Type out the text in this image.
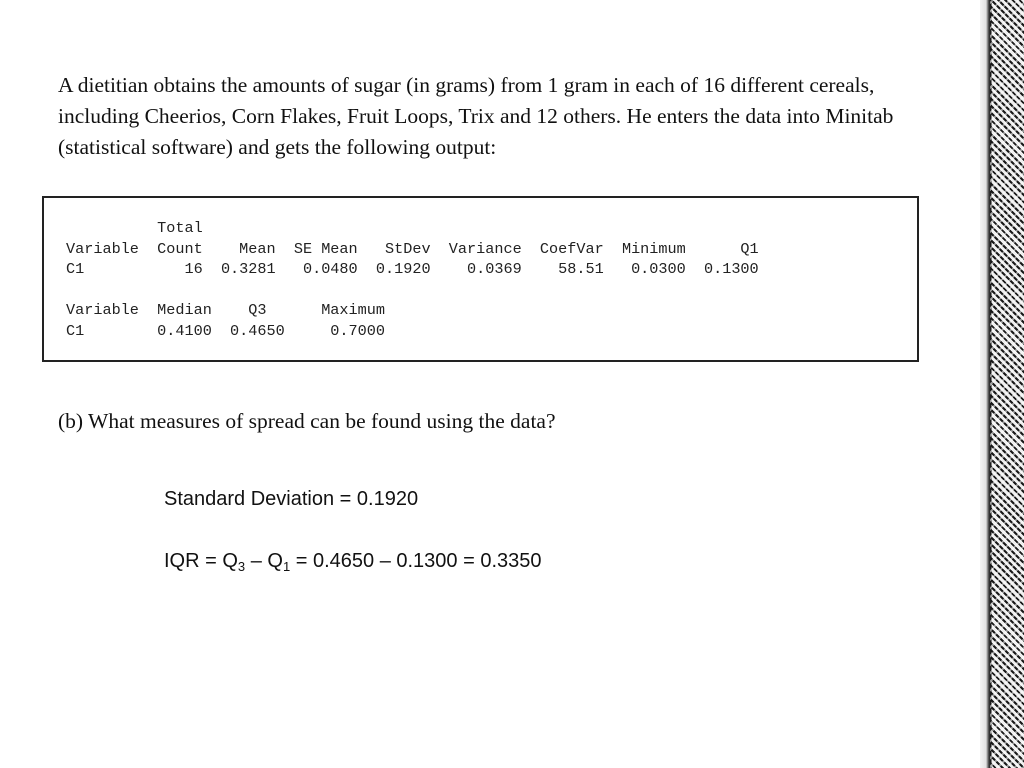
A dietitian obtains the amounts of sugar (in grams) from 1 gram in each of 16 different cereals, including Cheerios, Corn Flakes, Fruit Loops, Trix and 12 others. He enters the data into Minitab (statistical software) and gets the following output:

Total
Variable  Count    Mean  SE Mean   StDev  Variance  CoefVar  Minimum      Q1
C1           16  0.3281   0.0480  0.1920    0.0369    58.51   0.0300  0.1300

Variable  Median    Q3      Maximum
C1        0.4100  0.4650     0.7000

(b) What measures of spread can be found using the data?

Standard Deviation = 0.1920

IQR = $Q_3 - Q_1 = 0.4650 - 0.1300 = 0.3350$
